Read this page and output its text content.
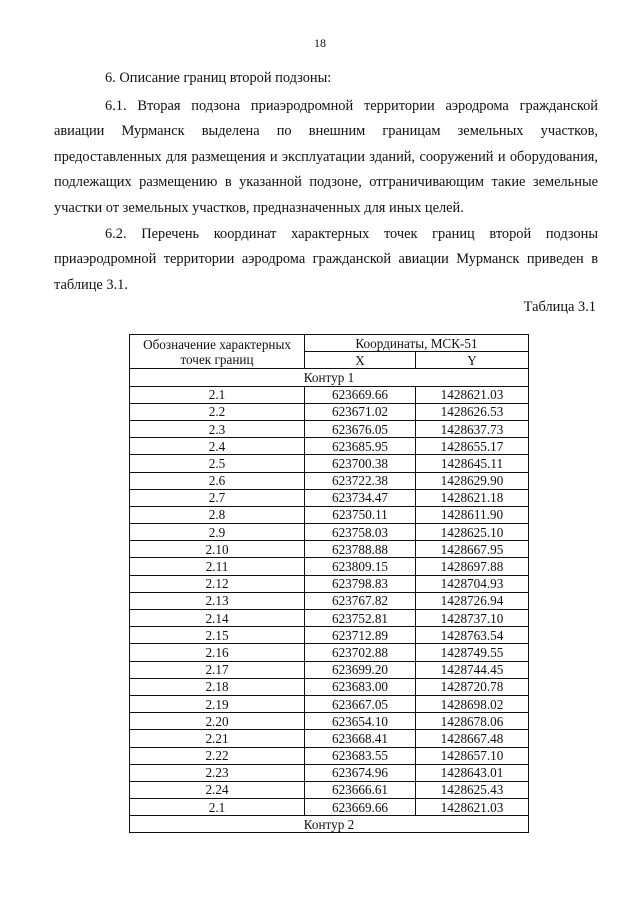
18
6. Описание границ второй подзоны:
6.1. Вторая подзона приаэродромной территории аэродрома гражданской
авиации Мурманск выделена по внешним границам земельных участков,
предоставленных для размещения и эксплуатации зданий, сооружений и оборудования,
подлежащих размещению в указанной подзоне, отграничивающим такие земельные
участки от земельных участков, предназначенных для иных целей.
6.2. Перечень координат характерных точек границ второй подзоны
приаэродромной территории аэродрома гражданской авиации Мурманск приведен в
таблице 3.1.
Таблица 3.1
Обозначение характерных точек границ	Координаты, МСК-51	
	X	Y
Контур 1		
2.1	623669.66	1428621.03
2.2	623671.02	1428626.53
2.3	623676.05	1428637.73
2.4	623685.95	1428655.17
2.5	623700.38	1428645.11
2.6	623722.38	1428629.90
2.7	623734.47	1428621.18
2.8	623750.11	1428611.90
2.9	623758.03	1428625.10
2.10	623788.88	1428667.95
2.11	623809.15	1428697.88
2.12	623798.83	1428704.93
2.13	623767.82	1428726.94
2.14	623752.81	1428737.10
2.15	623712.89	1428763.54
2.16	623702.88	1428749.55
2.17	623699.20	1428744.45
2.18	623683.00	1428720.78
2.19	623667.05	1428698.02
2.20	623654.10	1428678.06
2.21	623668.41	1428667.48
2.22	623683.55	1428657.10
2.23	623674.96	1428643.01
2.24	623666.61	1428625.43
2.1	623669.66	1428621.03
Контур 2		
